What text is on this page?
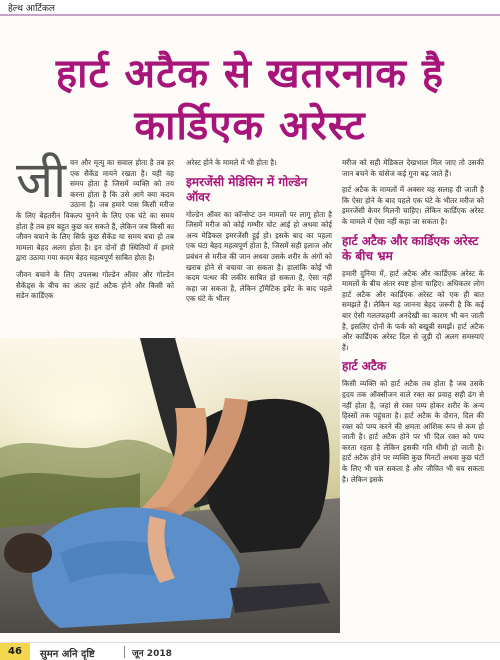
हेल्थ आर्टिकल
हार्ट अटैक से खतरनाक है
कार्डिएक अरेस्ट

जीवन और मृत्यु का सवाल होता है तब हर एक सैकेंड मायने रखता है। यही वह समय होता है जिसमें व्यक्ति को तय करना होता है कि उसे आगे क्या कदम उठाना है। जब हमारे पास किसी मरीज के लिए बेहतरीन विकल्प चुनने के लिए एक घंटे का समय होता है तब हम बहुत कुछ कर सकते हैं, लेकिन जब किसी का जीवन बचाने के लिए सिर्फ कुछ सैकेंड या समय बचा हो तब मामला बेहद अलग होता है। इन दोनों ही स्थितियों में हमारे द्वारा उठाया गया कदम बेहद महत्वपूर्ण साबित होता है।

जीवन बचाने के लिए उपलब्ध गोल्डेन ऑवर और गोल्डेन सैकेंड्स के बीच का अंतर हार्ट अटैक होने और किसी को सडेन कार्डिएक

अरेस्ट होने के मामले में भी होता है।

इमरजेंसी मेडिसिन में गोल्डेन ऑवर

गोल्डेन ऑवर का कॉन्सेप्ट उन मामलों पर लागू होता है जिसमें मरीज को कोई गम्भीर चोट आई हो अथवा कोई अन्य मेडिकल इमरजेंसी हुई हो। इसके बाद का पहला एक घंटा बेहद महत्वपूर्ण होता है, जिसमें सही इलाज और प्रबंधन से मरीज की जान अथवा उसके शरीर के अंगों को खराब होने से बचाया जा सकता है। हालांकि कोई भी कदम पत्थर की लकीर साबित हो सकता है, ऐसा नहीं कहा जा सकता है, लेकिन ट्रॉमैटिक इवेंट के बाद पहले एक घंटे के भीतर

मरीज को सही मेडिकल देखभाल मिल जाए तो उसकी जान बचने के चांसेज कई गुना बढ़ जाते हैं।

हार्ट अटैक के मामलों में अक्सर यह सलाह दी जाती है कि ऐसा होने के बाद पहले एक घंटे के भीतर मरीज को इमरजेंसी केयर मिलनी चाहिए। लेकिन कार्डिएक अरेस्ट के मामले में ऐसा नहीं कहा जा सकता है।

हार्ट अटैक और कार्डिएक अरेस्ट के बीच भ्रम

हमारी दुनिया में, हार्ट अटैक और कार्डिएक अरेस्ट के मामलों के बीच अंतर स्पष्ट होना चाहिए। अधिकतर लोग हार्ट अटैक और कार्डिएक अरेस्ट को एक ही बात समझते हैं। लेकिन यह जानना बेहद जरूरी है कि कई बार ऐसी गलतफहमी अनदेखी का कारण भी बन जाती है, इसलिए दोनों के फर्क को बखूबी समझें। हार्ट अटैक और कार्डिएक अरेस्ट दिल से जुड़ी दो अलग समस्याएं हैं।

हार्ट अटैक

किसी व्यक्ति को हार्ट अटैक तब होता है जब उसके हृदय तक ऑक्सीजन वाले रक्त का प्रवाह सही ढंग से नहीं होता है, जहां से रक्त पम्प होकर शरीर के अन्य हिस्सों तक पहुंचता है। हार्ट अटैक के दौरान, दिल की रक्त को पम्प करने की क्षमता आंशिक रूप से कम हो जाती है। हार्ट अटैक होने पर भी दिल रक्त को पम्प करता रहता है लेकिन इसकी गति धीमी हो जाती है। हार्ट अटैक होने पर व्यक्ति कुछ मिनटों अथवा कुछ घंटों के लिए भी चल सकता है और जीवित भी बच सकता है। लेकिन इसके

46	सुमन अनि दृष्टि	जून 2018
